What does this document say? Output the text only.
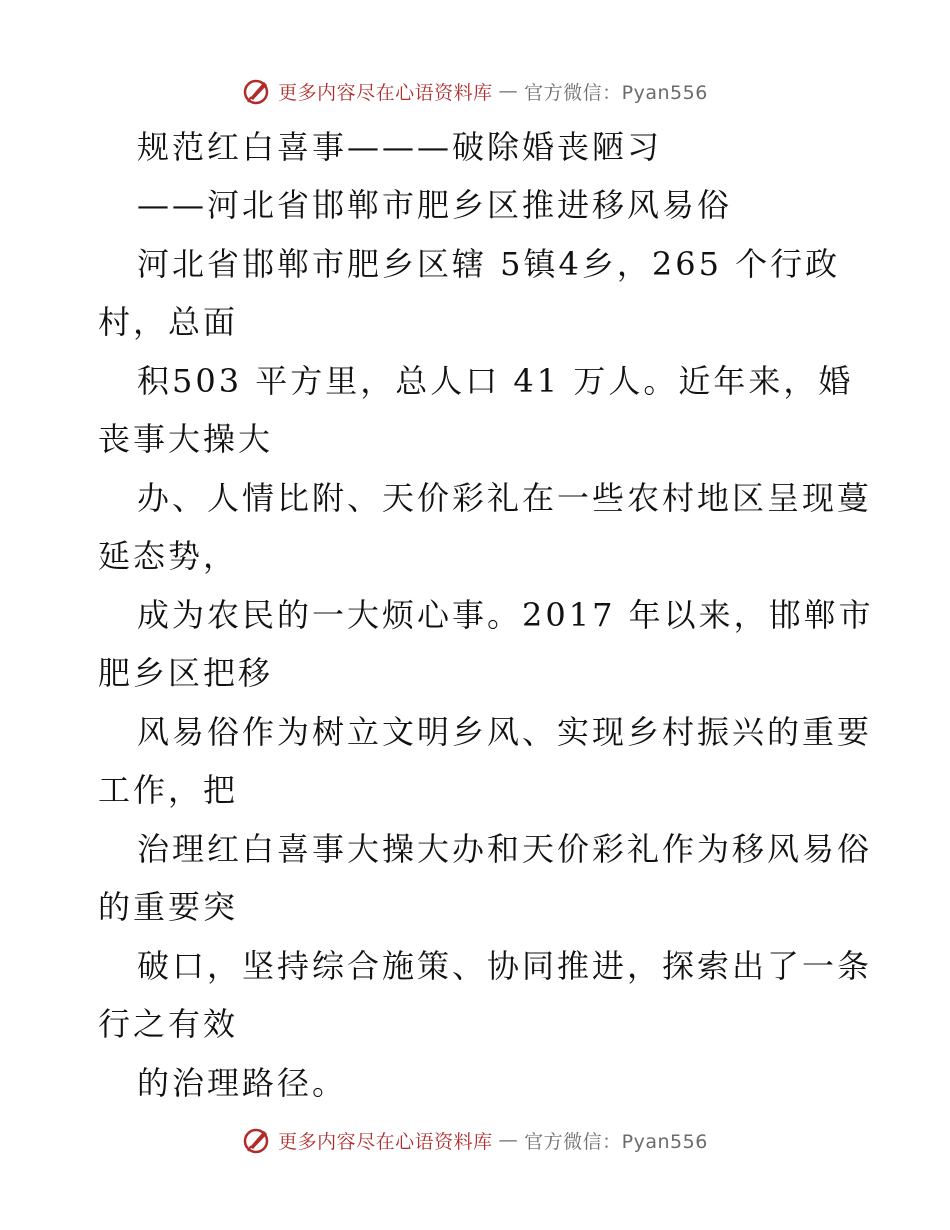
更多内容尽在心语资料库 — 官方微信：Pyan556
规范红白喜事———破除婚丧陋习
——河北省邯郸市肥乡区推进移风易俗
河北省邯郸市肥乡区辖 5镇4乡，265 个行政
村，总面
积503 平方里，总人口 41 万人。近年来，婚
丧事大操大
办、人情比附、天价彩礼在一些农村地区呈现蔓
延态势，
成为农民的一大烦心事。2017 年以来，邯郸市
肥乡区把移
风易俗作为树立文明乡风、实现乡村振兴的重要
工作，把
治理红白喜事大操大办和天价彩礼作为移风易俗
的重要突
破口，坚持综合施策、协同推进，探索出了一条
行之有效
的治理路径。
更多内容尽在心语资料库 — 官方微信：Pyan556
